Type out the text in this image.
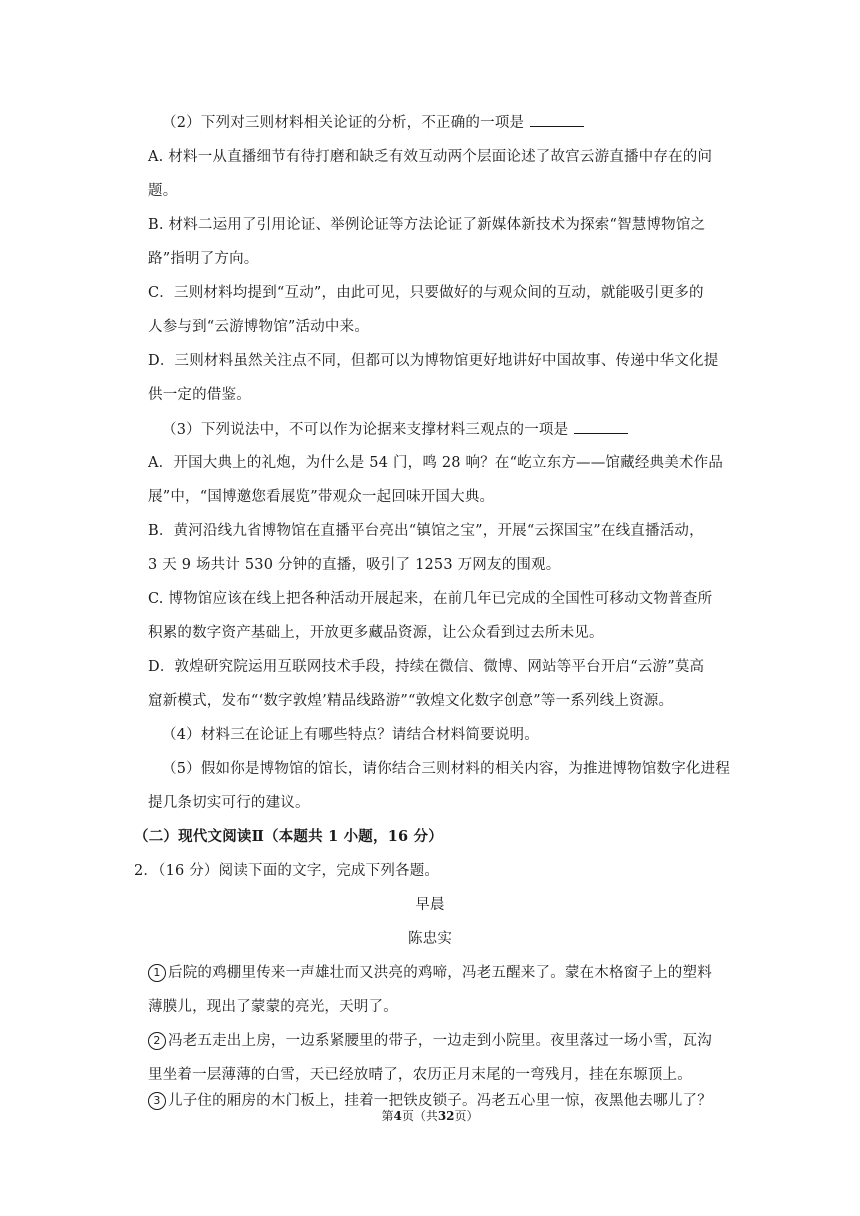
（2）下列对三则材料相关论证的分析，不正确的一项是
A. 材料一从直播细节有待打磨和缺乏有效互动两个层面论述了故宫云游直播中存在的问
题。
B. 材料二运用了引用论证、举例论证等方法论证了新媒体新技术为探索“智慧博物馆之
路”指明了方向。
C．三则材料均提到“互动”，由此可见，只要做好的与观众间的互动，就能吸引更多的
人参与到“云游博物馆”活动中来。
D．三则材料虽然关注点不同，但都可以为博物馆更好地讲好中国故事、传递中华文化提
供一定的借鉴。
（3）下列说法中，不可以作为论据来支撑材料三观点的一项是
A．开国大典上的礼炮，为什么是 54 门，鸣 28 响？在“屹立东方——馆藏经典美术作品
展”中，“国博邀您看展览”带观众一起回味开国大典。
B．黄河沿线九省博物馆在直播平台亮出“镇馆之宝”，开展“云探国宝”在线直播活动，
3 天 9 场共计 530 分钟的直播，吸引了 1253 万网友的围观。
C. 博物馆应该在线上把各种活动开展起来，在前几年已完成的全国性可移动文物普查所
积累的数字资产基础上，开放更多藏品资源，让公众看到过去所未见。
D．敦煌研究院运用互联网技术手段，持续在微信、微博、网站等平台开启“云游”莫高
窟新模式，发布“‘数字敦煌’精品线路游”“敦煌文化数字创意”等一系列线上资源。
（4）材料三在论证上有哪些特点？请结合材料简要说明。
（5）假如你是博物馆的馆长，请你结合三则材料的相关内容，为推进博物馆数字化进程
提几条切实可行的建议。
（二）现代文阅读Ⅱ（本题共 1 小题，16 分）
2．（16 分）阅读下面的文字，完成下列各题。
早晨
陈忠实
1 后院的鸡棚里传来一声雄壮而又洪亮的鸡啼，冯老五醒来了。蒙在木格窗子上的塑料
薄膜儿，现出了蒙蒙的亮光，天明了。
2 冯老五走出上房，一边系紧腰里的带子，一边走到小院里。夜里落过一场小雪，瓦沟
里坐着一层薄薄的白雪，天已经放晴了，农历正月末尾的一弯残月，挂在东塬顶上。
3 儿子住的厢房的木门板上，挂着一把铁皮锁子。冯老五心里一惊，夜黑他去哪儿了？
第4页（共32页）
